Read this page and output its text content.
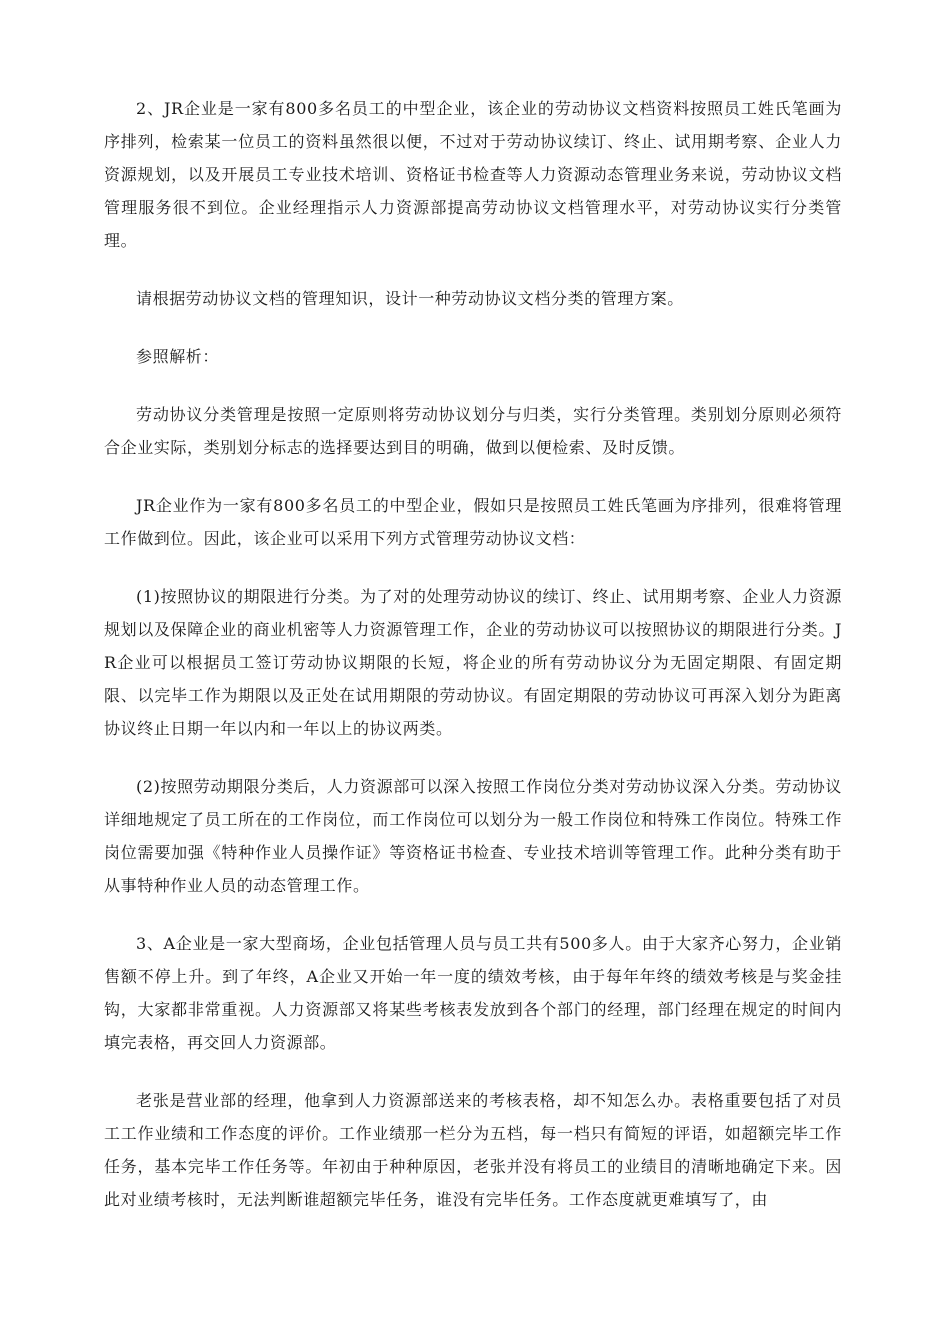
2、JR企业是一家有800多名员工的中型企业，该企业的劳动协议文档资料按照员工姓氏笔画为序排列，检索某一位员工的资料虽然很以便，不过对于劳动协议续订、终止、试用期考察、企业人力资源规划，以及开展员工专业技术培训、资格证书检查等人力资源动态管理业务来说，劳动协议文档管理服务很不到位。企业经理指示人力资源部提高劳动协议文档管理水平，对劳动协议实行分类管理。

请根据劳动协议文档的管理知识，设计一种劳动协议文档分类的管理方案。

参照解析：

劳动协议分类管理是按照一定原则将劳动协议划分与归类，实行分类管理。类别划分原则必须符合企业实际，类别划分标志的选择要达到目的明确，做到以便检索、及时反馈。

JR企业作为一家有800多名员工的中型企业，假如只是按照员工姓氏笔画为序排列，很难将管理工作做到位。因此，该企业可以采用下列方式管理劳动协议文档：

(1)按照协议的期限进行分类。为了对的处理劳动协议的续订、终止、试用期考察、企业人力资源规划以及保障企业的商业机密等人力资源管理工作，企业的劳动协议可以按照协议的期限进行分类。JR企业可以根据员工签订劳动协议期限的长短，将企业的所有劳动协议分为无固定期限、有固定期限、以完毕工作为期限以及正处在试用期限的劳动协议。有固定期限的劳动协议可再深入划分为距离协议终止日期一年以内和一年以上的协议两类。

(2)按照劳动期限分类后，人力资源部可以深入按照工作岗位分类对劳动协议深入分类。劳动协议详细地规定了员工所在的工作岗位，而工作岗位可以划分为一般工作岗位和特殊工作岗位。特殊工作岗位需要加强《特种作业人员操作证》等资格证书检查、专业技术培训等管理工作。此种分类有助于从事特种作业人员的动态管理工作。

3、A企业是一家大型商场，企业包括管理人员与员工共有500多人。由于大家齐心努力，企业销售额不停上升。到了年终，A企业又开始一年一度的绩效考核，由于每年年终的绩效考核是与奖金挂钩，大家都非常重视。人力资源部又将某些考核表发放到各个部门的经理，部门经理在规定的时间内填完表格，再交回人力资源部。

老张是营业部的经理，他拿到人力资源部送来的考核表格，却不知怎么办。表格重要包括了对员工工作业绩和工作态度的评价。工作业绩那一栏分为五档，每一档只有简短的评语，如超额完毕工作任务，基本完毕工作任务等。年初由于种种原因，老张并没有将员工的业绩目的清晰地确定下来。因此对业绩考核时，无法判断谁超额完毕任务，谁没有完毕任务。工作态度就更难填写了，由
